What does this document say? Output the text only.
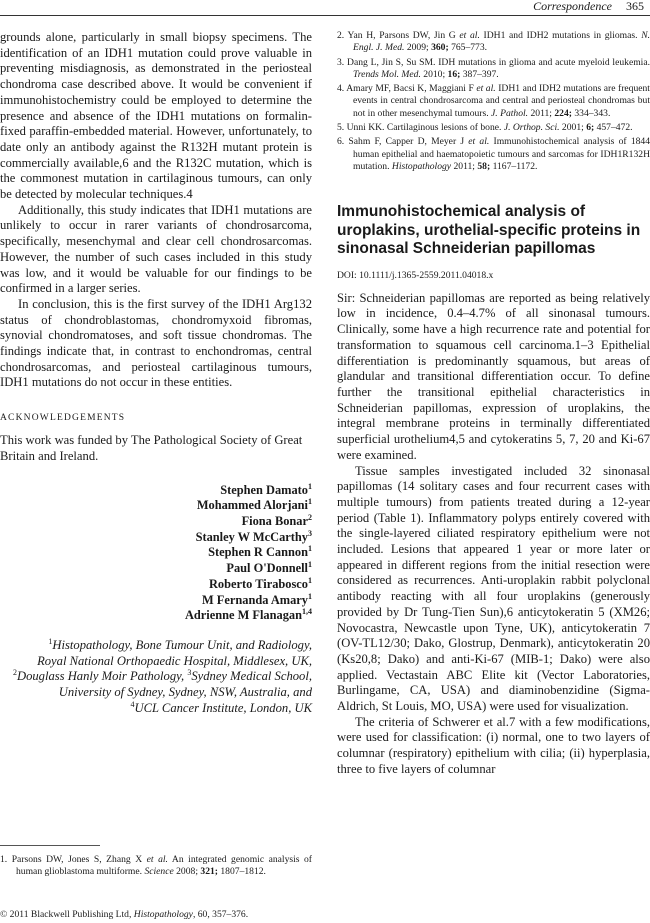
Correspondence 365

grounds alone, particularly in small biopsy specimens. The identification of an IDH1 mutation could prove valuable in preventing misdiagnosis, as demonstrated in the periosteal chondroma case described above. It would be convenient if immunohistochemistry could be employed to determine the presence and absence of the IDH1 mutations on formalin-fixed paraffin-embedded material. However, unfortunately, to date only an antibody against the R132H mutant protein is commercially available,6 and the R132C mutation, which is the commonest mutation in cartilaginous tumours, can only be detected by molecular techniques.4

Additionally, this study indicates that IDH1 mutations are unlikely to occur in rarer variants of chondrosarcoma, specifically, mesenchymal and clear cell chondrosarcomas. However, the number of such cases included in this study was low, and it would be valuable for our findings to be confirmed in a larger series.

In conclusion, this is the first survey of the IDH1 Arg132 status of chondroblastomas, chondromyxoid fibromas, synovial chondromatoses, and soft tissue chondromas. The findings indicate that, in contrast to enchondromas, central chondrosarcomas, and periosteal cartilaginous tumours, IDH1 mutations do not occur in these entities.

ACKNOWLEDGEMENTS

This work was funded by The Pathological Society of Great Britain and Ireland.

Stephen Damato$^1$
Mohammed Alorjani$^1$
Fiona Bonar$^2$
Stanley W McCarthy$^3$
Stephen R Cannon$^1$
Paul O'Donnell$^1$
Roberto Tirabosco$^1$
M Fernanda Amary$^1$
Adrienne M Flanagan$^{1,4}$
$^1$Histopathology, Bone Tumour Unit, and Radiology,
Royal National Orthopaedic Hospital, Middlesex, UK,
$^2$Douglass Hanly Moir Pathology, $^3$Sydney Medical School,
University of Sydney, Sydney, NSW, Australia, and
$^4$UCL Cancer Institute, London, UK
1. Parsons DW, Jones S, Zhang X et al. An integrated genomic analysis of human glioblastoma multiforme. Science 2008; 321; 1807–1812.
© 2011 Blackwell Publishing Ltd, Histopathology, 60, 357–376.
2. Yan H, Parsons DW, Jin G et al. IDH1 and IDH2 mutations in gliomas. N. Engl. J. Med. 2009; 360; 765–773.
3. Dang L, Jin S, Su SM. IDH mutations in glioma and acute myeloid leukemia. Trends Mol. Med. 2010; 16; 387–397.
4. Amary MF, Bacsi K, Maggiani F et al. IDH1 and IDH2 mutations are frequent events in central chondrosarcoma and central and periosteal chondromas but not in other mesenchymal tumours. J. Pathol. 2011; 224; 334–343.
5. Unni KK. Cartilaginous lesions of bone. J. Orthop. Sci. 2001; 6; 457–472.
6. Sahm F, Capper D, Meyer J et al. Immunohistochemical analysis of 1844 human epithelial and haematopoietic tumours and sarcomas for IDH1R132H mutation. Histopathology 2011; 58; 1167–1172.
Immunohistochemical analysis of uroplakins, urothelial-specific proteins in sinonasal Schneiderian papillomas
DOI: 10.1111/j.1365-2559.2011.04018.x

Sir: Schneiderian papillomas are reported as being relatively low in incidence, 0.4–4.7% of all sinonasal tumours. Clinically, some have a high recurrence rate and potential for transformation to squamous cell carcinoma.1–3 Epithelial differentiation is predominantly squamous, but areas of glandular and transitional differentiation occur. To define further the transitional epithelial characteristics in Schneiderian papillomas, expression of uroplakins, the integral membrane proteins in terminally differentiated superficial urothelium4,5 and cytokeratins 5, 7, 20 and Ki-67 were examined.

Tissue samples investigated included 32 sinonasal papillomas (14 solitary cases and four recurrent cases with multiple tumours) from patients treated during a 12-year period (Table 1). Inflammatory polyps entirely covered with the single-layered ciliated respiratory epithelium were not included. Lesions that appeared 1 year or more later or appeared in different regions from the initial resection were considered as recurrences. Anti-uroplakin rabbit polyclonal antibody reacting with all four uroplakins (generously provided by Dr Tung-Tien Sun),6 anticytokeratin 5 (XM26; Novocastra, Newcastle upon Tyne, UK), anticytokeratin 7 (OV-TL12/30; Dako, Glostrup, Denmark), anticytokeratin 20 (Ks20,8; Dako) and anti-Ki-67 (MIB-1; Dako) were also applied. Vectastain ABC Elite kit (Vector Laboratories, Burlingame, CA, USA) and diaminobenzidine (Sigma-Aldrich, St Louis, MO, USA) were used for visualization.

The criteria of Schwerer et al.7 with a few modifications, were used for classification: (i) normal, one to two layers of columnar (respiratory) epithelium with cilia; (ii) hyperplasia, three to five layers of columnar
